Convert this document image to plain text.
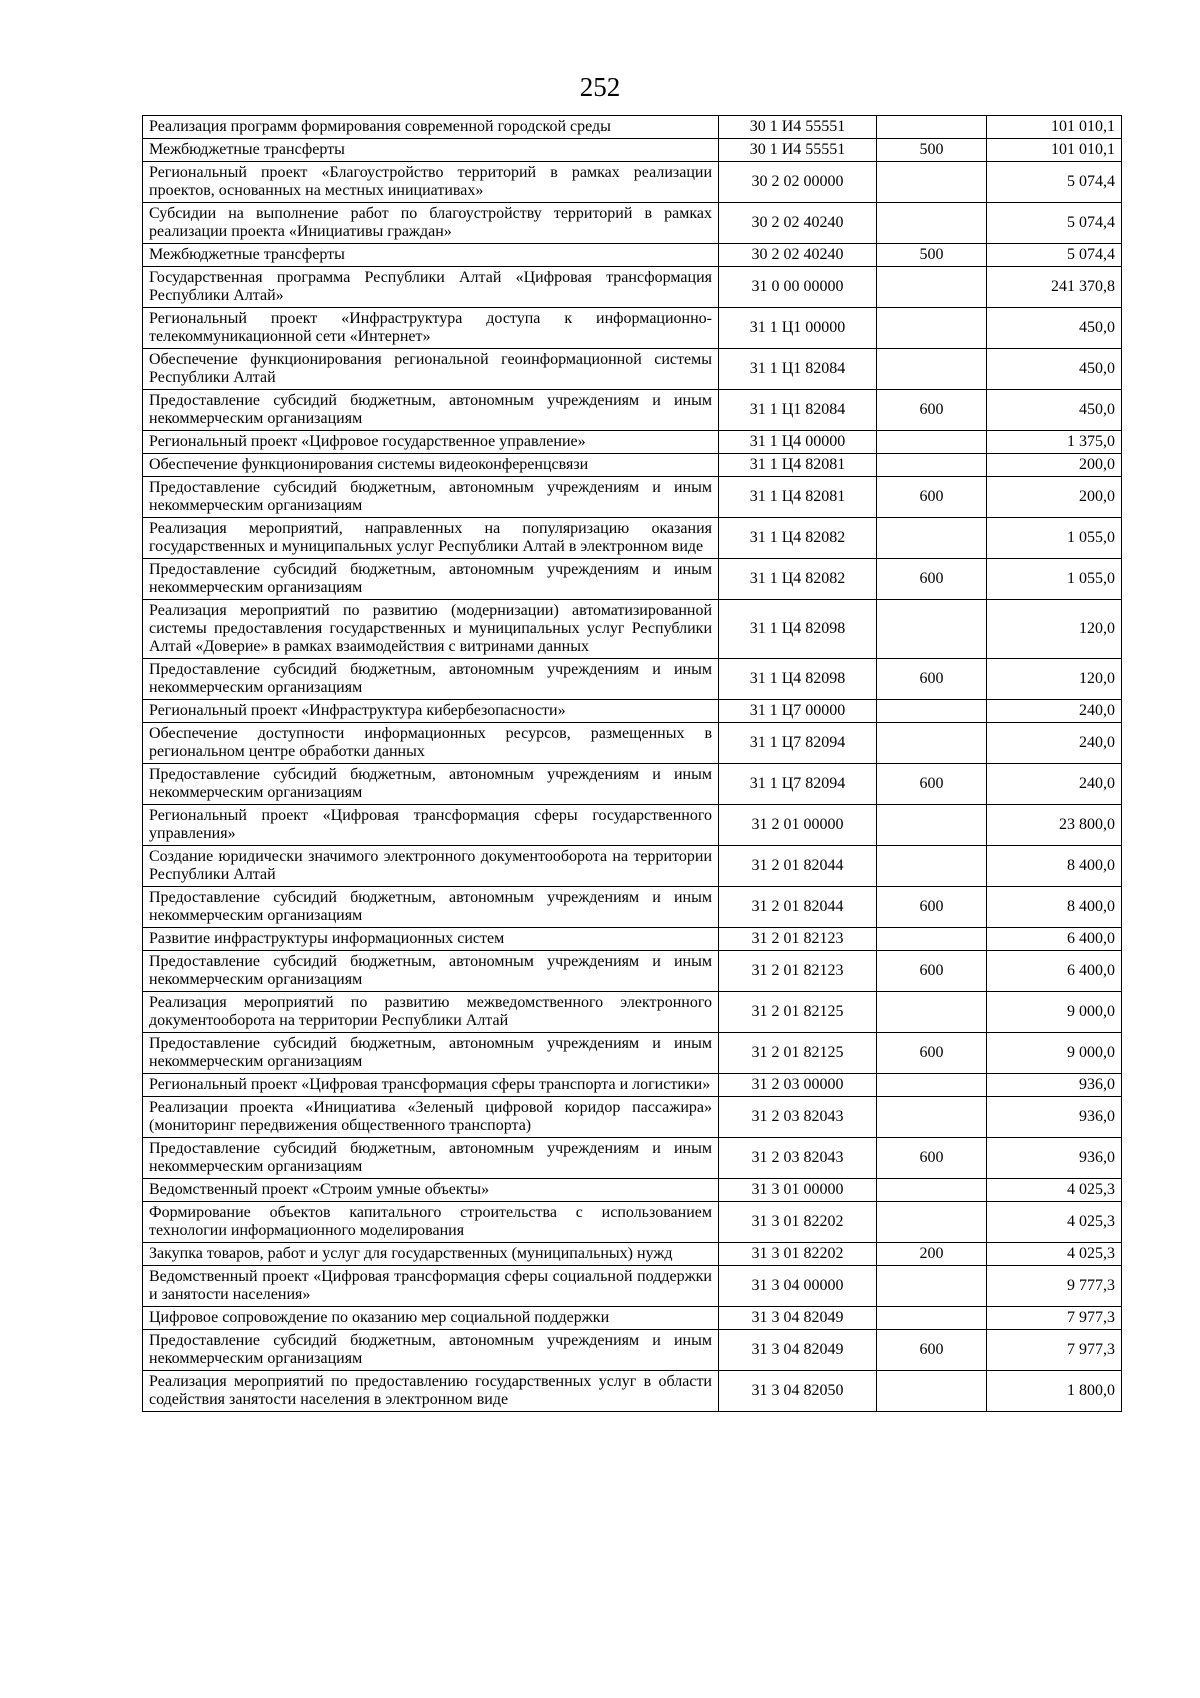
252
Реализация программ формирования современной городской среды	30 1 И4 55551		101 010,1
Межбюджетные трансферты	30 1 И4 55551	500	101 010,1
Региональный проект «Благоустройство территорий в рамках реализации проектов, основанных на местных инициативах»	30 2 02 00000		5 074,4
Субсидии на выполнение работ по благоустройству территорий в рамках реализации проекта «Инициативы граждан»	30 2 02 40240		5 074,4
Межбюджетные трансферты	30 2 02 40240	500	5 074,4
Государственная программа Республики Алтай «Цифровая трансформация Республики Алтай»	31 0 00 00000		241 370,8
Региональный проект «Инфраструктура доступа к информационно-телекоммуникационной сети «Интернет»	31 1 Ц1 00000		450,0
Обеспечение функционирования региональной геоинформационной системы Республики Алтай	31 1 Ц1 82084		450,0
Предоставление субсидий бюджетным, автономным учреждениям и иным некоммерческим организациям	31 1 Ц1 82084	600	450,0
Региональный проект «Цифровое государственное управление»	31 1 Ц4 00000		1 375,0
Обеспечение функционирования системы видеоконференцсвязи	31 1 Ц4 82081		200,0
Предоставление субсидий бюджетным, автономным учреждениям и иным некоммерческим организациям	31 1 Ц4 82081	600	200,0
Реализация мероприятий, направленных на популяризацию оказания государственных и муниципальных услуг Республики Алтай в электронном виде	31 1 Ц4 82082		1 055,0
Предоставление субсидий бюджетным, автономным учреждениям и иным некоммерческим организациям	31 1 Ц4 82082	600	1 055,0
Реализация мероприятий по развитию (модернизации) автоматизированной системы предоставления государственных и муниципальных услуг Республики Алтай «Доверие» в рамках взаимодействия с витринами данных	31 1 Ц4 82098		120,0
Предоставление субсидий бюджетным, автономным учреждениям и иным некоммерческим организациям	31 1 Ц4 82098	600	120,0
Региональный проект «Инфраструктура кибербезопасности»	31 1 Ц7 00000		240,0
Обеспечение доступности информационных ресурсов, размещенных в региональном центре обработки данных	31 1 Ц7 82094		240,0
Предоставление субсидий бюджетным, автономным учреждениям и иным некоммерческим организациям	31 1 Ц7 82094	600	240,0
Региональный проект «Цифровая трансформация сферы государственного управления»	31 2 01 00000		23 800,0
Создание юридически значимого электронного документооборота на территории Республики Алтай	31 2 01 82044		8 400,0
Предоставление субсидий бюджетным, автономным учреждениям и иным некоммерческим организациям	31 2 01 82044	600	8 400,0
Развитие инфраструктуры информационных систем	31 2 01 82123		6 400,0
Предоставление субсидий бюджетным, автономным учреждениям и иным некоммерческим организациям	31 2 01 82123	600	6 400,0
Реализация мероприятий по развитию межведомственного электронного документооборота на территории Республики Алтай	31 2 01 82125		9 000,0
Предоставление субсидий бюджетным, автономным учреждениям и иным некоммерческим организациям	31 2 01 82125	600	9 000,0
Региональный проект «Цифровая трансформация сферы транспорта и логистики»	31 2 03 00000		936,0
Реализации проекта «Инициатива «Зеленый цифровой коридор пассажира» (мониторинг передвижения общественного транспорта)	31 2 03 82043		936,0
Предоставление субсидий бюджетным, автономным учреждениям и иным некоммерческим организациям	31 2 03 82043	600	936,0
Ведомственный проект «Строим умные объекты»	31 3 01 00000		4 025,3
Формирование объектов капитального строительства с использованием технологии информационного моделирования	31 3 01 82202		4 025,3
Закупка товаров, работ и услуг для государственных (муниципальных) нужд	31 3 01 82202	200	4 025,3
Ведомственный проект «Цифровая трансформация сферы социальной поддержки и занятости населения»	31 3 04 00000		9 777,3
Цифровое сопровождение по оказанию мер социальной поддержки	31 3 04 82049		7 977,3
Предоставление субсидий бюджетным, автономным учреждениям и иным некоммерческим организациям	31 3 04 82049	600	7 977,3
Реализация мероприятий по предоставлению государственных услуг в области содействия занятости населения в электронном виде	31 3 04 82050		1 800,0
